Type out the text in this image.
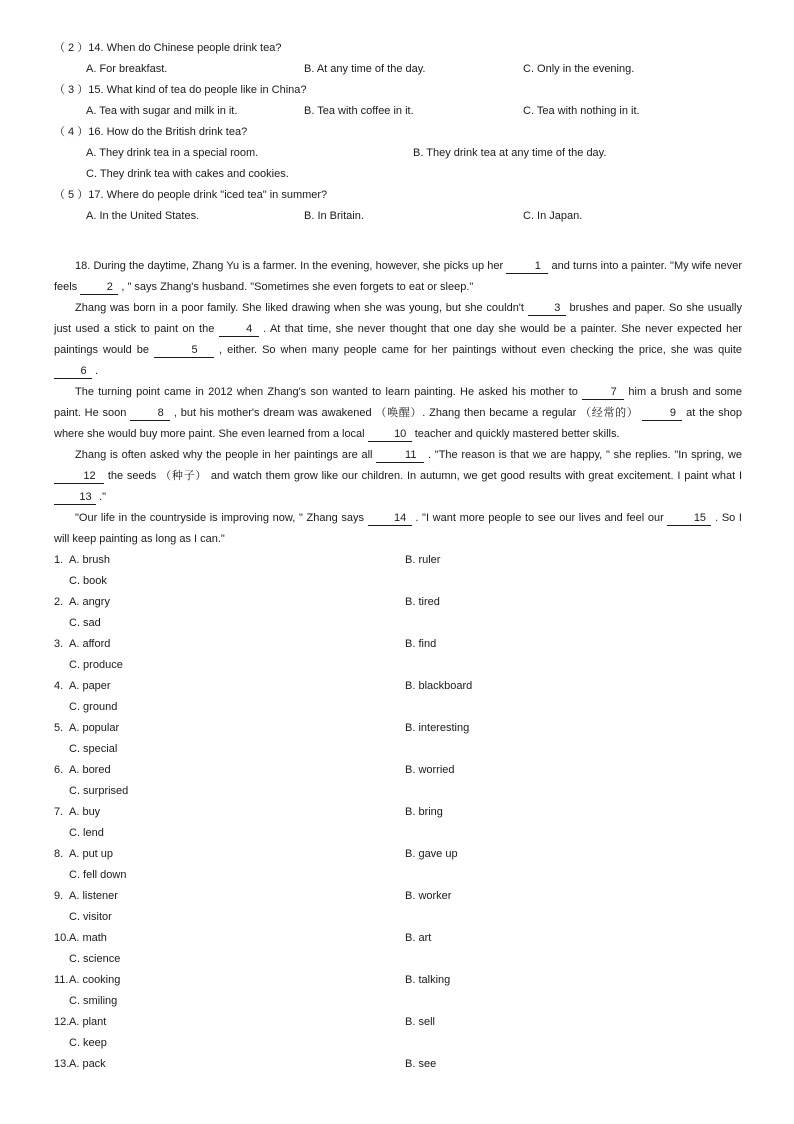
（ 2 ）14. When do Chinese people drink tea?
A. For breakfast.	B. At any time of the day.	C. Only in the evening.
（ 3 ）15. What kind of tea do people like in China?
A. Tea with sugar and milk in it.	B. Tea with coffee in it.	C. Tea with nothing in it.
（ 4 ）16. How do the British drink tea?
A. They drink tea in a special room.	B. They drink tea at any time of the day.
C. They drink tea with cakes and cookies.
（ 5 ）17. Where do people drink "iced tea" in summer?
A. In the United States.	B. In Britain.	C. In Japan.

18. During the daytime, Zhang Yu is a farmer. In the evening, however, she picks up her	1 and turns into a painter. "My wife never feels 2 , " says Zhang's husband. "Sometimes she even forgets to eat or sleep."

Zhang was born in a poor family. She liked drawing when she was young, but she couldn't 3 brushes and paper. So she usually just used a stick to paint on the 4 . At that time, she never thought that one day she would be a painter. She never expected her paintings would be	5 , either. So when many people came for her paintings without even checking the price, she was quite 6 .

The turning point came in 2012 when Zhang's son wanted to learn painting. He asked his mother to	7 him a brush and some paint. He soon 8 , but his mother's dream was awakened （唤醒）. Zhang then became a regular （经常的） 9 at the shop where she would buy more paint. She even learned from a local 10 teacher and quickly mastered better skills.

Zhang is often asked why the people in her paintings are all	11 . "The reason is that we are happy, " she replies. "In spring, we 12 the seeds （种子） and watch them grow like our children. In autumn, we get good results with great excitement. I paint what I 13 ."

"Our life in the countryside is improving now, " Zhang says 14 . "I want more people to see our lives and feel our 15 . So I will keep painting as long as I can."

1. A. brush	B. ruler
C. book
2. A. angry	B. tired
C. sad
3. A. afford	B. find
C. produce
4. A. paper	B. blackboard
C. ground
5. A. popular	B. interesting
C. special
6. A. bored	B. worried
C. surprised
7. A. buy	B. bring
C. lend
8. A. put up	B. gave up
C. fell down
9. A. listener	B. worker
C. visitor
10. A. math	B. art
C. science
11. A. cooking	B. talking
C. smiling
12. A. plant	B. sell
C. keep
13. A. pack	B. see
